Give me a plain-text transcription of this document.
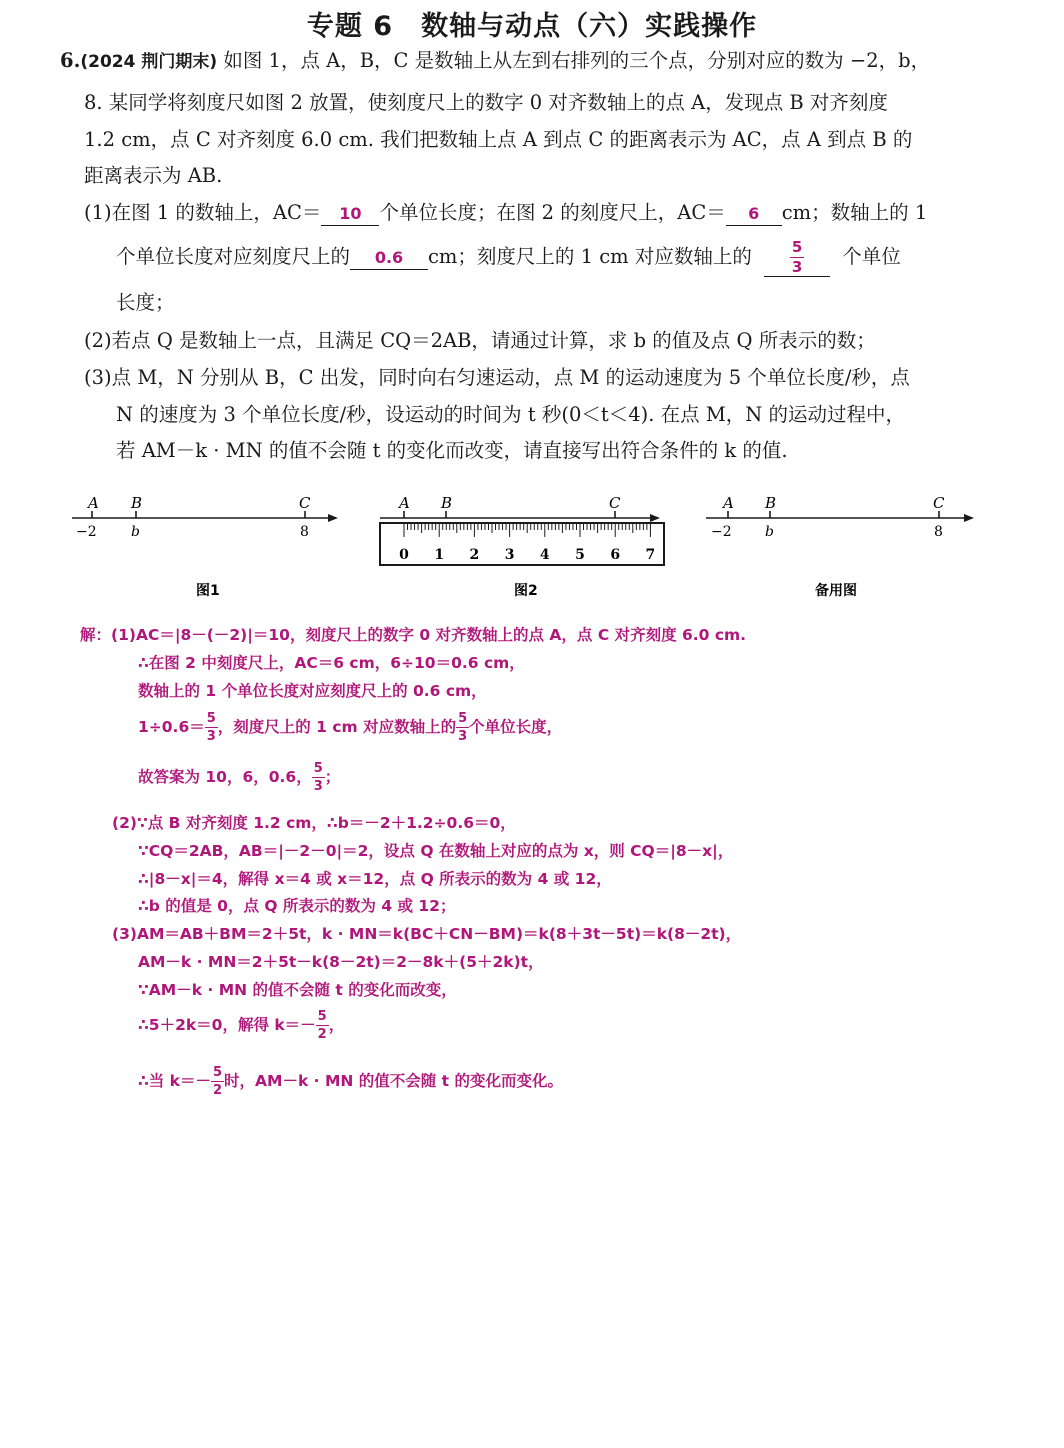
专题 6　数轴与动点（六）实践操作
6.(2024 荆门期末) 如图 1，点 A，B，C 是数轴上从左到右排列的三个点，分别对应的数为 −2，b，
8. 某同学将刻度尺如图 2 放置，使刻度尺上的数字 0 对齐数轴上的点 A，发现点 B 对齐刻度
1.2 cm，点 C 对齐刻度 6.0 cm. 我们把数轴上点 A 到点 C 的距离表示为 AC，点 A 到点 B 的
距离表示为 AB.
(1)在图 1 的数轴上，AC＝ 10 个单位长度；在图 2 的刻度尺上，AC＝ 6 cm；数轴上的 1
个单位长度对应刻度尺上的 0.6 cm；刻度尺上的 1 cm 对应数轴上的	$\frac{5}{3}$ 个单位
长度；
(2)若点 Q 是数轴上一点，且满足 CQ＝2AB，请通过计算，求 b 的值及点 Q 所表示的数；
(3)点 M，N 分别从 B，C 出发，同时向右匀速运动，点 M 的运动速度为 5 个单位长度/秒，点
N 的速度为 3 个单位长度/秒，设运动的时间为 t 秒(0＜t＜4). 在点 M，N 的运动过程中，
若 AM－k · MN 的值不会随 t 的变化而改变，请直接写出符合条件的 k 的值.
A B	C
−2 b	8
图1
A B	C
0 1 2 3 4 5 6 7
图2
A B	C
−2 b	8
备用图
解：(1)AC＝|8－(－2)|＝10，刻度尺上的数字 0 对齐数轴上的点 A，点 C 对齐刻度 6.0 cm.
∴在图 2 中刻度尺上，AC＝6 cm，6÷10＝0.6 cm，
数轴上的 1 个单位长度对应刻度尺上的 0.6 cm，
$1\div 0.6= \frac{5}{3}$ ，刻度尺上的 1 cm 对应数轴上的 $\frac{5}{3}$ 个单位长度，
故答案为 10，6，0.6， $\frac{5}{3}$ ；
(2)∵点 B 对齐刻度 1.2 cm，∴b＝－2＋1.2÷0.6＝0，
∵CQ＝2AB，AB＝|－2－0|＝2，设点 Q 在数轴上对应的点为 x，则 CQ＝|8－x|，
∴|8－x|＝4，解得 x＝4 或 x＝12，点 Q 所表示的数为 4 或 12，
∴b 的值是 0，点 Q 所表示的数为 4 或 12；
(3)AM＝AB＋BM＝2＋5t，k · MN＝k(BC＋CN－BM)＝k(8＋3t－5t)＝k(8－2t)，
AM－k · MN＝2＋5t－k(8－2t)＝2－8k＋(5＋2k)t，
∵AM－k · MN 的值不会随 t 的变化而改变，
∴5＋2k＝0，解得 $k=- \frac{5}{2}$ ，
∴当 $k=- \frac{5}{2}$ 时，AM－k · MN 的值不会随 t 的变化而变化。
